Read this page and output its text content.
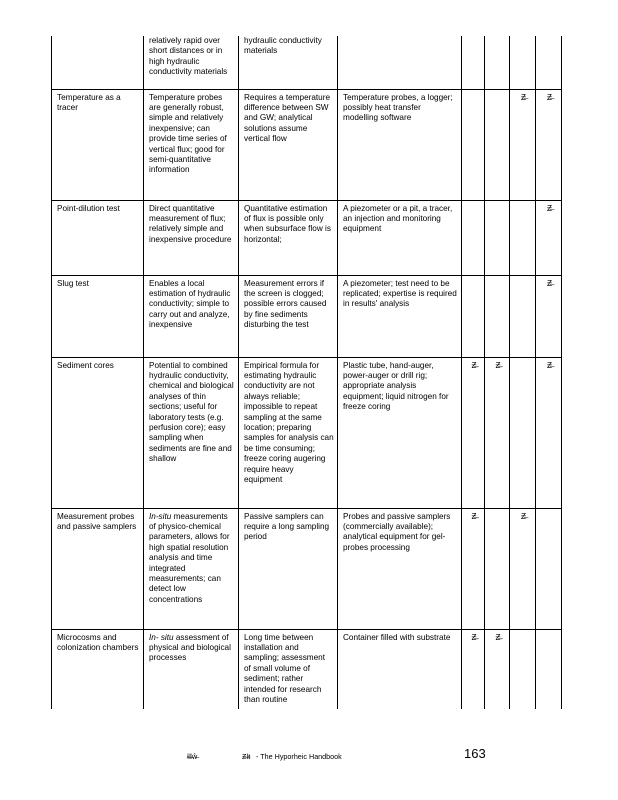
	relatively rapid over short distances or in high hydraulic conductivity materials	hydraulic conductivity materials					
Temperature as a tracer	Temperature probes are generally robust, simple and relatively inexpensive; can provide time series of vertical flux; good for semi-quantitative information	Requires a temperature difference between SW and GW; analytical solutions assume vertical flow	Temperature probes, a logger; possibly heat transfer modelling software			Ƶ̶	Ƶ̶
Point-dilution test	Direct quantitative measurement of flux; relatively simple and inexpensive procedure	Quantitative estimation of flux is possible only when subsurface flow is horizontal;	A piezometer or a pit, a tracer, an injection and monitoring equipment				Ƶ̶
Slug test	Enables a local estimation of hydraulic conductivity; simple to carry out and analyze, inexpensive	Measurement errors if the screen is clogged; possible errors caused by fine sediments disturbing the test	A piezometer; test need to be replicated; expertise is required in results' analysis				Ƶ̶
Sediment cores	Potential to combined hydraulic conductivity, chemical and biological analyses of thin sections; useful for laboratory tests (e.g. perfusion core); easy sampling when sediments are fine and shallow	Empirical formula for estimating hydraulic conductivity are not always reliable; impossible to repeat sampling at the same location; preparing samples for analysis can be time consuming; freeze coring augering require heavy equipment	Plastic tube, hand-auger, power-auger or drill rig; appropriate analysis equipment; liquid nitrogen for freeze coring	Ƶ̶	Ƶ̶		Ƶ̶
Measurement probes and passive samplers	In-situ measurements of physico-chemical parameters, allows for high spatial resolution analysis and time integrated measurements; can detect low concentrations	Passive samplers can require a long sampling period	Probes and passive samplers (commercially available); analytical equipment for gel-probes processing	Ƶ̶		Ƶ̶	
Microcosms and colonization chambers	In- situ assessment of physical and biological processes	Long time between installation and sampling; assessment of small volume of sediment; rather intended for research than routine	Container filled with substrate	Ƶ̶	Ƶ̶		
Ɨ̶ǁ̶ŵ̶	Ƶ̶ǀ̶ŧ - The Hyporheic Handbook	163
